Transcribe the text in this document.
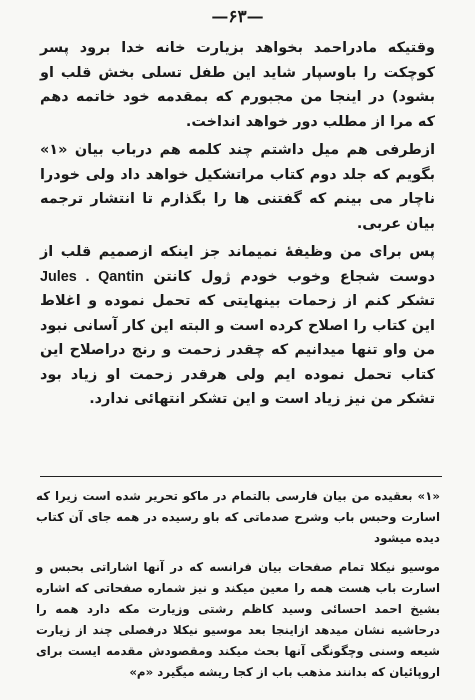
—۶۳—

وقتیکه مادراحمد بخواهد بزیارت خانه خدا برود پسر کوچکت را باوسپار شاید این طفل تسلی بخش قلب او بشود) در اینجا من مجبورم که بمقدمه خود خاتمه دهم که مرا از مطلب دور خواهد انداخت.

ازطرفی هم میل داشتم چند کلمه هم درباب بیان «۱» بگویم که جلد دوم کتاب مراتشکیل خواهد داد ولی خودرا ناچار می بینم که گفتنی ها را بگذارم تا انتشار ترجمه بیان عربی.

پس برای من وظیفهٔ نمیماند جز اینکه ازصمیم قلب از دوست شجاع وخوب خودم ژول کانتن Jules . Qantin تشکر کنم از زحمات بینهایتی که تحمل نموده و اغلاط این کتاب را اصلاح کرده است و البته این کار آسانی نبود من واو تنها میدانیم که چقدر زحمت و رنج دراصلاح این کتاب تحمل نموده ایم ولی هرقدر زحمت او زیاد بود تشکر من نیز زیاد است و این تشکر انتهائی ندارد.

«۱» بعقیده من بیان فارسی بالتمام در ماکو تحریر شده است زیرا که اسارت وحبس باب وشرح صدماتی که باو رسیده در همه جای آن کتاب دیده میشود

موسیو نیکلا تمام صفحات بیان فرانسه که در آنها اشاراتی بحبس و اسارت باب هست همه را معین میکند و نیز شماره صفحاتی که اشاره بشیخ احمد احسائی وسید کاظم رشتی وزیارت مکه دارد همه را درحاشیه نشان میدهد ازاینجا بعد موسیو نیکلا درفصلی چند از زیارت شیعه وسنی وچگونگی آنها بحث میکند ومقصودش مقدمه ایست برای اروپائیان که بدانند مذهب باب از کجا ریشه میگیرد «م»
